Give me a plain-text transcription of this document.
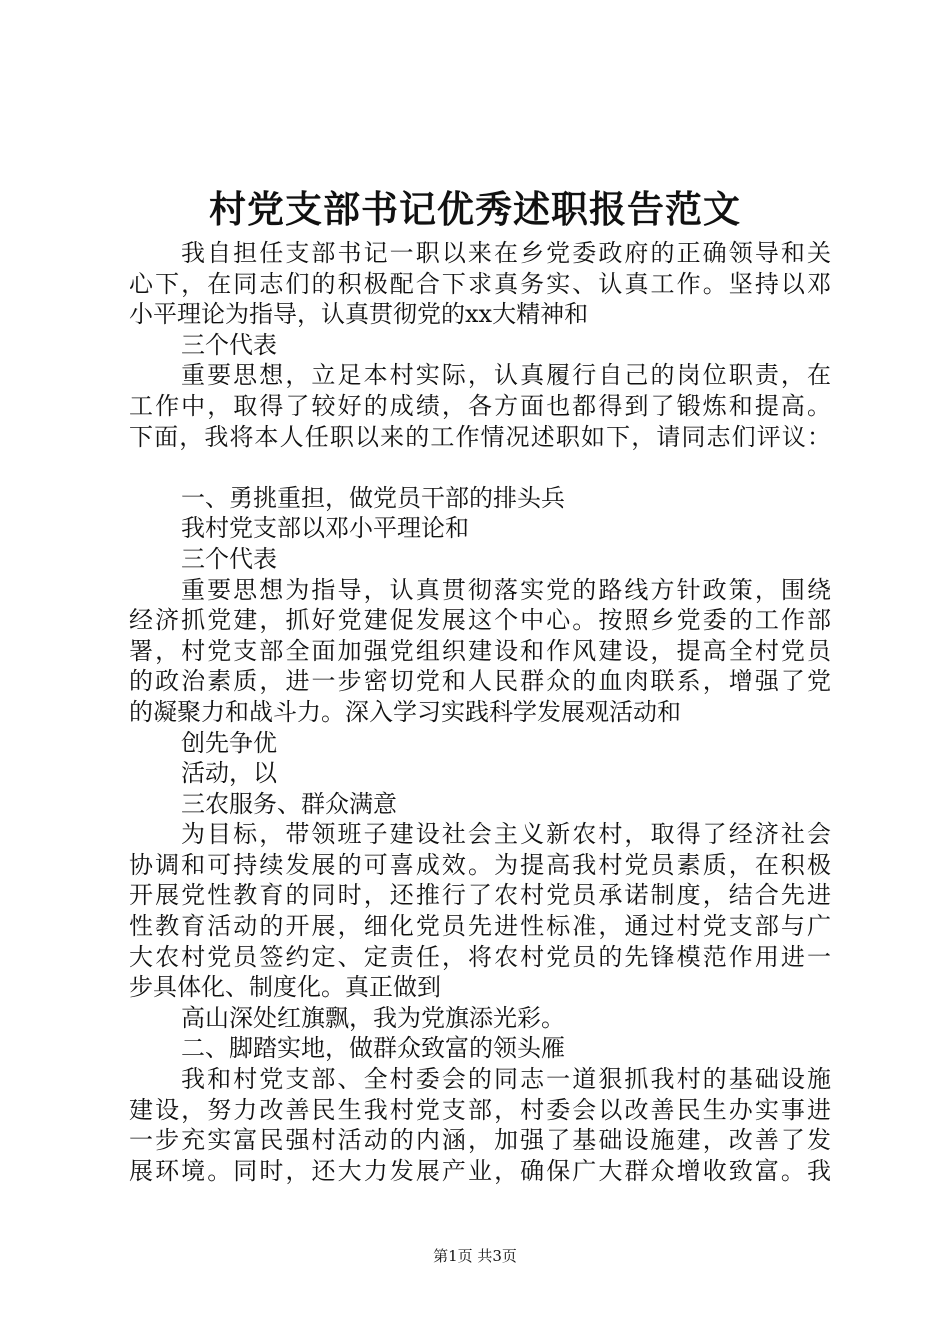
村党支部书记优秀述职报告范文
我自担任支部书记一职以来在乡党委政府的正确领导和关
心下，在同志们的积极配合下求真务实、认真工作。坚持以邓
小平理论为指导，认真贯彻党的xx大精神和
三个代表
重要思想，立足本村实际，认真履行自己的岗位职责，在
工作中，取得了较好的成绩，各方面也都得到了锻炼和提高。
下面，我将本人任职以来的工作情况述职如下，请同志们评议：
一、勇挑重担，做党员干部的排头兵
我村党支部以邓小平理论和
三个代表
重要思想为指导，认真贯彻落实党的路线方针政策，围绕
经济抓党建，抓好党建促发展这个中心。按照乡党委的工作部
署，村党支部全面加强党组织建设和作风建设，提高全村党员
的政治素质，进一步密切党和人民群众的血肉联系，增强了党
的凝聚力和战斗力。深入学习实践科学发展观活动和
创先争优
活动，以
三农服务、群众满意
为目标，带领班子建设社会主义新农村，取得了经济社会
协调和可持续发展的可喜成效。为提高我村党员素质，在积极
开展党性教育的同时，还推行了农村党员承诺制度，结合先进
性教育活动的开展，细化党员先进性标准，通过村党支部与广
大农村党员签约定、定责任，将农村党员的先锋模范作用进一
步具体化、制度化。真正做到
高山深处红旗飘，我为党旗添光彩。
二、脚踏实地，做群众致富的领头雁
我和村党支部、全村委会的同志一道狠抓我村的基础设施
建设，努力改善民生我村党支部，村委会以改善民生办实事进
一步充实富民强村活动的内涵，加强了基础设施建，改善了发
展环境。同时，还大力发展产业，确保广大群众增收致富。我
第1页 共3页
